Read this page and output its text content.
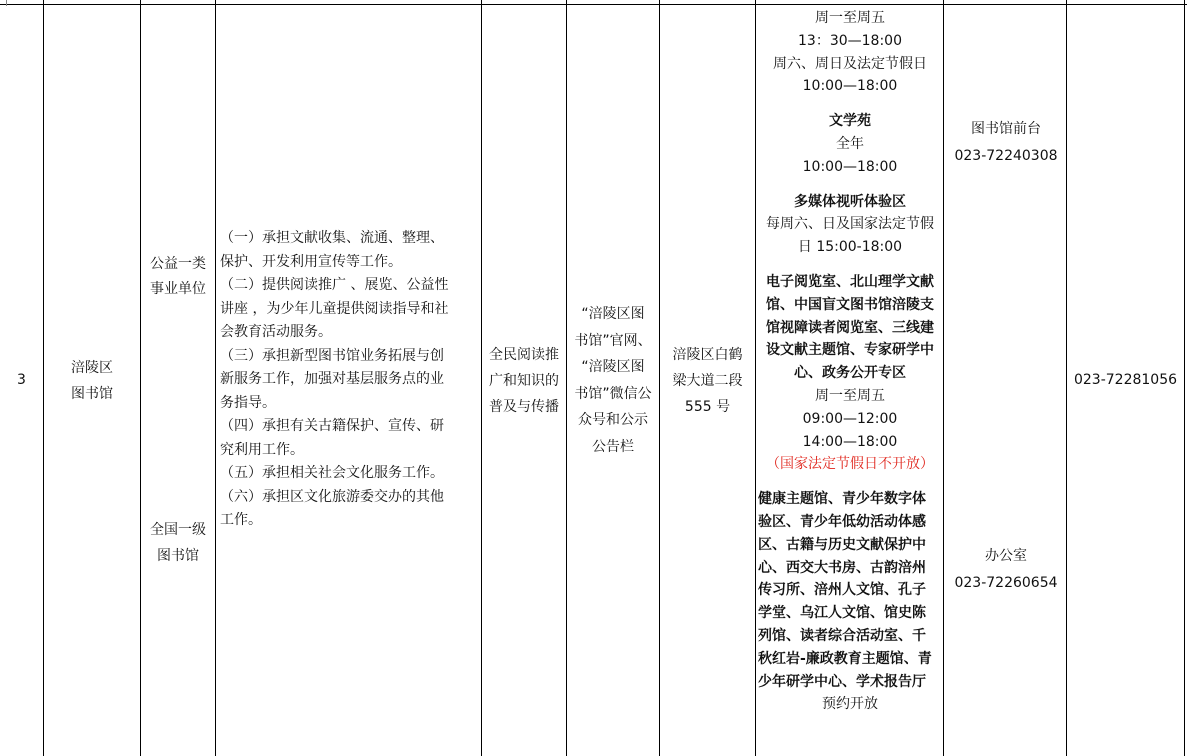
3
涪陵区
图书馆
公益一类
事业单位
全国一级
图书馆
（一）承担文献收集、流通、整理、
保护、开发利用宣传等工作。
（二）提供阅读推广 、展览、公益性
讲座 ，为少年儿童提供阅读指导和社
会教育活动服务。
（三）承担新型图书馆业务拓展与创
新服务工作，加强对基层服务点的业
务指导。
（四）承担有关古籍保护、宣传、研
究利用工作。
（五）承担相关社会文化服务工作。
（六）承担区文化旅游委交办的其他
工作。
全民阅读推
广和知识的
普及与传播
“涪陵区图
书馆”官网、
“涪陵区图
书馆”微信公
众号和公示
公告栏
涪陵区白鹤
梁大道二段
555 号
周一至周五
13：30—18:00
周六、周日及法定节假日
10:00—18:00
文学苑
全年
10:00—18:00
多媒体视听体验区
每周六、日及国家法定节假
日 15:00-18:00
电子阅览室、北山理学文献
馆、中国盲文图书馆涪陵支
馆视障读者阅览室、三线建
设文献主题馆、专家研学中
心、政务公开专区
周一至周五
09:00—12:00
14:00—18:00
（国家法定节假日不开放）
健康主题馆、青少年数字体
验区、青少年低幼活动体感
区、古籍与历史文献保护中
心、西交大书房、古韵涪州
传习所、涪州人文馆、孔子
学堂、乌江人文馆、馆史陈
列馆、读者综合活动室、千
秋红岩-廉政教育主题馆、青
少年研学中心、学术报告厅
预约开放
图书馆前台
023-72240308
办公室
023-72260654
023-72281056
